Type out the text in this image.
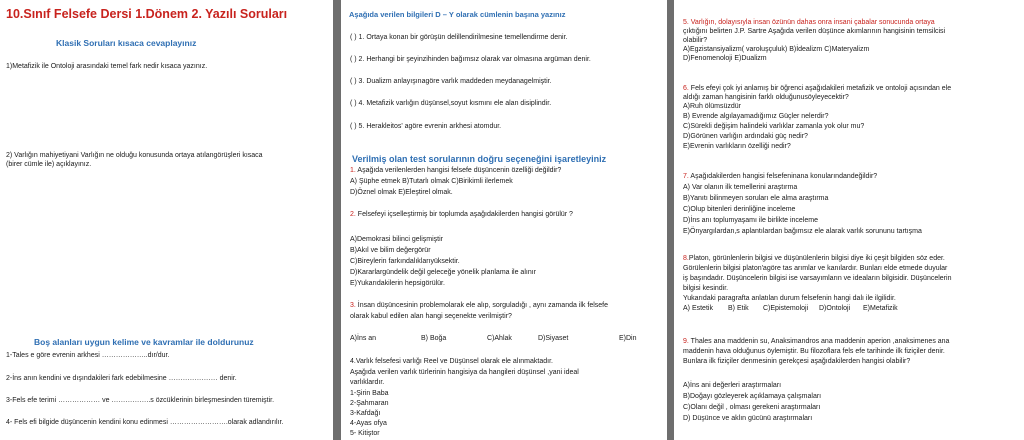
10.Sınıf Felsefe Dersi 1.Dönem 2. Yazılı Soruları
Klasik Soruları kısaca cevaplayınız
1)Metafizik ile Ontoloji arasındaki temel fark nedir kısaca yazınız.
2) Varlığın mahiyetiyani Varlığın ne olduğu konusunda ortaya atılangörüşleri kısaca
(birer cümle ile) açıklayınız.
Boş alanları uygun kelime ve kavramlar ile doldurunuz
1-Tales e göre evrenin arkhesi ………………..dır/dur.
2-İns anın kendini ve dışındakileri fark edebilmesine ………………… denir.
3-Fels efe terimi ……………… ve ……………..s özcüklerinin birleşmesinden türemiştir.
4- Fels efi bilgide düşüncenin kendini konu edinmesi …………………….olarak adlandırılır.
Aşağıda verilen bilgileri D – Y olarak cümlenin başına yazınız
( ) 1. Ortaya konan bir görüşün delillendirilmesine temellendirme denir.
( ) 2. Herhangi bir şeyinzihinden bağımsız olarak var olmasına argüman denir.
( ) 3. Dualizm anlayışınagöre varlık maddeden meydanagelmiştir.
( ) 4. Metafizik varlığın düşünsel,soyut kısmını ele alan disiplindir.
( ) 5. Herakleitos' agöre evrenin arkhesi atomdur.
Verilmiş olan test sorularının doğru seçeneğini işaretleyiniz
1. Aşağıda verilenlerden hangisi felsefe düşüncenin özelliği değildir?
A) Şüphe etmek B)Tutarlı olmak C)Birikimli ilerlemek
D)Öznel olmak E)Eleştirel olmak.
2. Felsefeyi içselleştirmiş bir toplumda aşağıdakilerden hangisi görülür ?
A)Demokrasi bilinci gelişmiştir
B)Akıl ve bilim değergörür
C)Bireylerin farkındalıklarıyüksektir.
D)Kararlargündelik değil geleceğe yönelik planlama ile alınır
E)Yukarıdakilerin hepsigörülür.
3. İnsan düşüncesinin problemolarak ele alıp, sorguladığı , aynı zamanda ilk felsefe
olarak kabul edilen alan hangi seçenekte verilmiştir?
A)İns an	B) Boğa	C)Ahlak	D)Siyaset	E)Din
4.Varlık felsefesi varlığı Reel ve Düşünsel olarak ele alınmaktadır.
Aşağıda verilen varlık türlerinin hangisiya da hangileri düşünsel ,yani ideal
varlıklardır.
1-Şirin Baba
2-Şahmaran
3-Kafdağı
4-Ayas ofya
5- Kitiştor
5. Varlığın, dolayısıyla insan özünün dahas onra insani çabalar sonucunda ortaya
çıktığını belirten J.P. Sartre Aşağıda verilen düşünce akımlarının hangisinin temsilcisi
olabilir?
A)Egzistansiyalizm( varoluşçuluk) B)İdealizm C)Materyalizm
D)Fenomenoloji E)Dualizm
6. Fels efeyi çok iyi anlamış bir öğrenci aşağıdakileri metafizik ve ontoloji açısından ele
aldığı zaman hangisinin farklı olduğunusöyleyecektir?
A)Ruh ölümsüzdür
B) Evrende algılayamadığımız Güçler nelerdir?
C)Sürekli değişim halindeki varlıklar zamanla yok olur mu?
D)Görünen varlığın ardındaki güç nedir?
E)Evrenin varlıkların özelliği nedir?
7. Aşağıdakilerden hangisi felsefeninana konularındandeğildir?
A) Var olanın ilk temellerini araştırma
B)Yanıtı bilinmeyen soruları ele alma araştırma
C)Olup bitenleri derinliğine inceleme
D)İns anı toplumyaşamı ile birlikte inceleme
E)Önyargılardan,s aplantılardan bağımsız ele alarak varlık sorununu tartışma
8.Platon, görünlenlerin bilgisi ve düşünülenlerin bilgisi diye iki çeşit bilgiden söz eder.
Görülenlerin bilgisi platon'agöre tas arımlar ve kanılardır. Bunları elde etmede duyular
iş başındadır. Düşüncelerin bilgisi ise varsayımların ve ideaların bilgisidir. Düşüncelerin
bilgisi kesindir.
Yukarıdaki paragrafta anlatılan durum felsefenin hangi dalı ile ilgilidir.
A) Estetik B) Etik C)Epistemoloji D)Ontoloji E)Metafizik
9. Thales ana maddenin su, Anaksimandros ana maddenin aperion ,anaksimenes ana
maddenin hava olduğunus öylemiştir. Bu filozoflara fels efe tarihinde ilk fiziçiler denir.
Bunlara ilk fiziçiler denmesinin gerekçesi aşağıdakilerden hangisi olabilir?
A)İns ani değerleri araştırmaları
B)Doğayı gözleyerek açıklamaya çalışmaları
C)Olanı değil , olması gerekeni araştırmaları
D) Düşünce ve aklın gücünü araştırmaları
